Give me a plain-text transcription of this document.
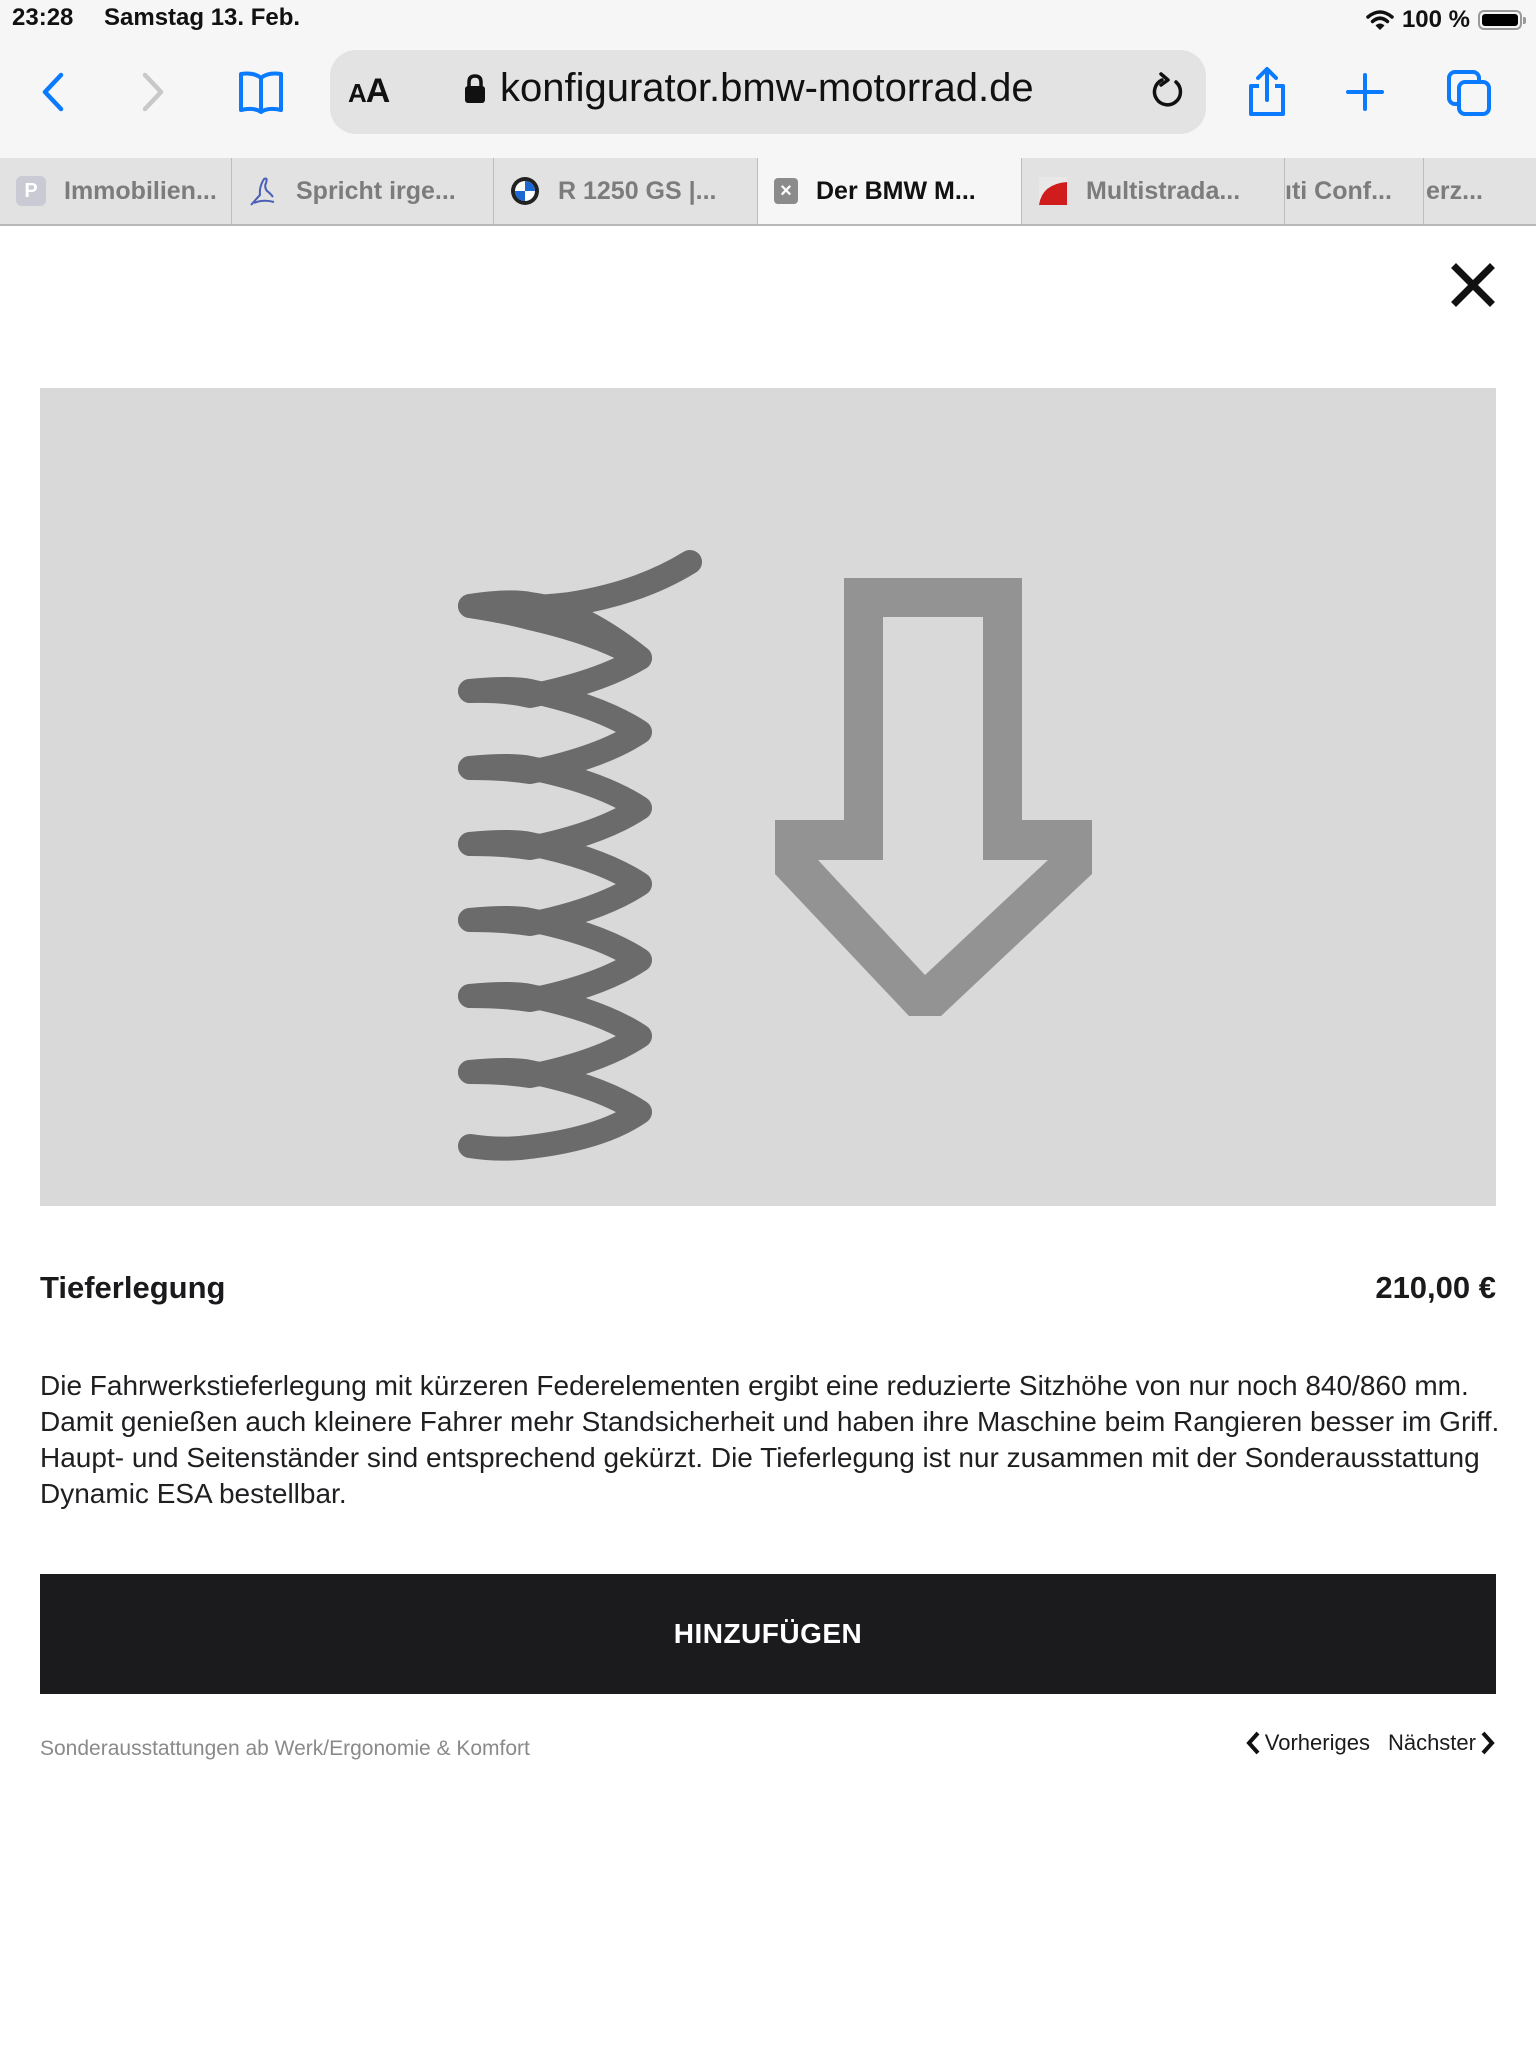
23:28 Samstag 13. Feb.	100 %
AA	konfigurator.bmw-motorrad.de
P	Immobilien...	Spricht irge...	R 1250 GS |...	× Der BMW M...	Multistrada... ıti Conf... erz...
Tieferlegung	210,00 €

Die Fahrwerkstieferlegung mit kürzeren Federelementen ergibt eine reduzierte Sitzhöhe von nur noch 840/860 mm. Damit genießen auch kleinere Fahrer mehr Standsicherheit und haben ihre Maschine beim Rangieren besser im Griff. Haupt- und Seitenständer sind entsprechend gekürzt. Die Tieferlegung ist nur zusammen mit der Sonderausstattung Dynamic ESA bestellbar.

HINZUFÜGEN
Sonderausstattungen ab Werk/Ergonomie & Komfort	Vorheriges Nächster
